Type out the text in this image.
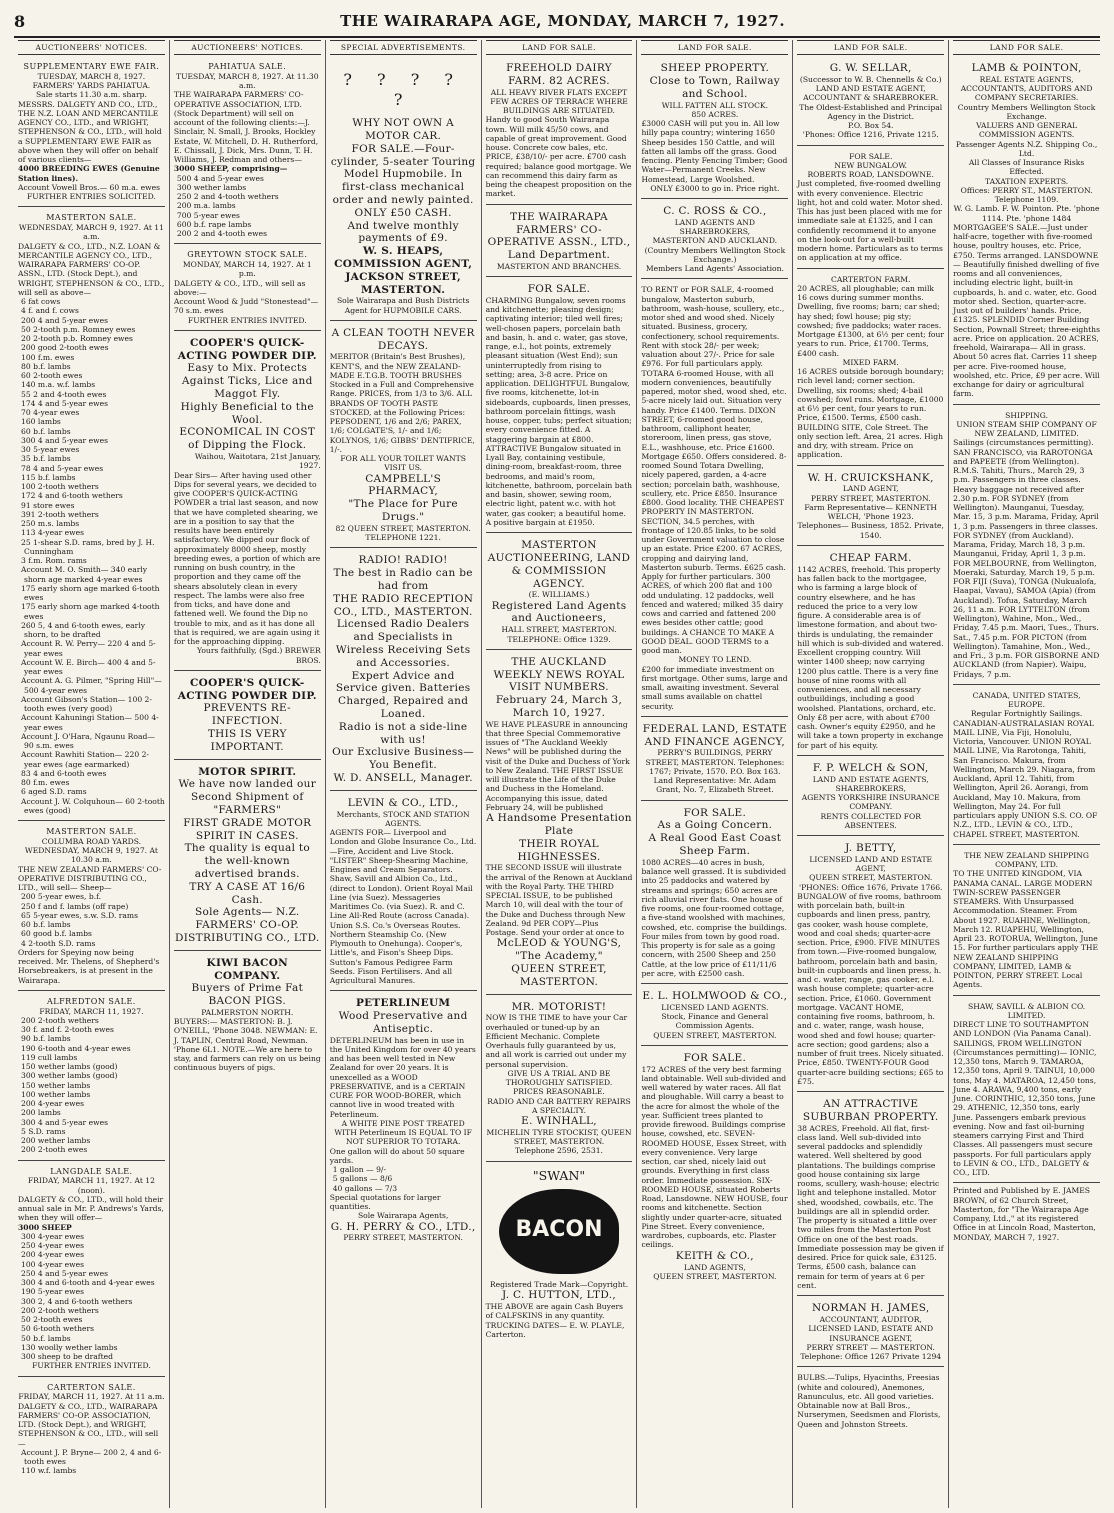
8	THE WAIRARAPA AGE, MONDAY, MARCH 7, 1927.
AUCTIONEERS' NOTICES.
SUPPLEMENTARY EWE FAIR.
TUESDAY, MARCH 8, 1927.
FARMERS' YARDS PAHIATUA.
Sale starts 11.30 a.m. sharp.
MESSRS. DALGETY AND CO., LTD., THE N.Z. LOAN AND MERCANTILE AGENCY CO., LTD., and WRIGHT, STEPHENSON & CO., LTD., will hold a SUPPLEMENTARY EWE FAIR as above when they will offer on behalf of various clients—
4000 BREEDING EWES (Genuine Station lines).
Account Vowell Bros.— 60 m.a. ewes
FURTHER ENTRIES SOLICITED.
MASTERTON SALE.
WEDNESDAY, MARCH 9, 1927. At 11 a.m.
DALGETY & CO., LTD., N.Z. LOAN & MERCANTILE AGENCY CO., LTD., WAIRARAPA FARMERS' CO-OP. ASSN., LTD. (Stock Dept.), and WRIGHT, STEPHENSON & CO., LTD., will sell as above—
6 fat cows
4 f. and f. cows
200 4 and 5-year ewes
50 2-tooth p.m. Romney ewes
20 2-tooth p.b. Romney ewes
200 good 2-tooth ewes
100 f.m. ewes
80 b.f. lambs
60 2-tooth ewes
140 m.a. w.f. lambs
55 2 and 4-tooth ewes
174 4 and 5-year ewes
70 4-year ewes
160 lambs
60 b.f. lambs
300 4 and 5-year ewes
30 5-year ewes
35 b.f. lambs
78 4 and 5-year ewes
115 b.f. lambs
100 2-tooth wethers
172 4 and 6-tooth wethers
91 store ewes
391 2-tooth wethers
250 m.s. lambs
113 4-year ewes
25 1-shear S.D. rams, bred by J. H. Cunningham
3 f.m. Rom. rams
Account M. O. Smith— 340 early shorn age marked 4-year ewes
175 early shorn age marked 6-tooth ewes
175 early shorn age marked 4-tooth ewes
260 5, 4 and 6-tooth ewes, early shorn, to be drafted
Account R. W. Perry— 220 4 and 5-year ewes
Account W. E. Birch— 400 4 and 5-year ewes
Account A. G. Pilmer, "Spring Hill"— 500 4-year ewes
Account Gibson's Station— 100 2-tooth ewes (very good)
Account Kahuningi Station— 500 4-year ewes
Account J. O'Hara, Ngaunu Road— 90 s.m. ewes
Account Rawhiti Station— 220 2-year ewes (age earmarked)
83 4 and 6-tooth ewes
80 f.m. ewes
6 aged S.D. rams
Account J. W. Colquhoun— 60 2-tooth ewes (good)
MASTERTON SALE.
COLUMBA ROAD YARDS.
WEDNESDAY, MARCH 9, 1927. At 10.30 a.m.
THE NEW ZEALAND FARMERS' CO-OPERATIVE DISTRIBUTING CO., LTD., will sell— Sheep—
200 5-year ewes, b.f.
250 f and f. lambs (off rape)
65 5-year ewes, s.w. S.D. rams
60 b.f. lambs
60 good b.f. lambs
4 2-tooth S.D. rams
Orders for Speying now being received. Mr. Thelens, of Shepherd's Horsebreakers, is at present in the Wairarapa.
ALFREDTON SALE.
FRIDAY, MARCH 11, 1927.
200 2-tooth wethers
30 f. and f. 2-tooth ewes
90 b.f. lambs
190 6-tooth and 4-year ewes
119 cull lambs
150 wether lambs (good)
300 wether lambs (good)
150 wether lambs
100 wether lambs
200 4-year ewes
200 lambs
300 4 and 5-year ewes
5 S.D. rams
200 wether lambs
200 2-tooth ewes
LANGDALE SALE.
FRIDAY, MARCH 11, 1927. At 12 (noon).
DALGETY & CO., LTD., will hold their annual sale in Mr. P. Andrews's Yards, when they will offer—
3000 SHEEP
300 4-year ewes
250 4-year ewes
200 4-year ewes
100 4-year ewes
250 4 and 5-year ewes
300 4 and 6-tooth and 4-year ewes
190 5-year ewes
300 2, 4 and 6-tooth wethers
200 2-tooth wethers
50 2-tooth ewes
50 6-tooth wethers
50 b.f. lambs
130 woolly wether lambs
300 sheep to be drafted
FURTHER ENTRIES INVITED.
CARTERTON SALE.
FRIDAY, MARCH 11, 1927. At 11 a.m.
DALGETY & CO., LTD., WAIRARAPA FARMERS' CO-OP. ASSOCIATION, LTD. (Stock Dept.), and WRIGHT, STEPHENSON & CO., LTD., will sell—
Account J. P. Bryne— 200 2, 4 and 6-tooth ewes
110 w.f. lambs
AUCTIONEERS' NOTICES.
PAHIATUA SALE.
TUESDAY, MARCH 8, 1927. At 11.30 a.m.
THE WAIRARAPA FARMERS' CO-OPERATIVE ASSOCIATION, LTD. (Stock Department) will sell on account of the following clients:—J. Sinclair, N. Small, J. Brooks, Hockley Estate, W. Mitchell, D. H. Rutherford, E. Chissall, J. Dick, Mrs. Dunn, T. H. Williams, J. Redman and others—
3000 SHEEP, comprising—
500 4 and 5-year ewes
300 wether lambs
250 2 and 4-tooth wethers
200 m.a. lambs
700 5-year ewes
600 b.f. rape lambs
200 2 and 4-tooth ewes
GREYTOWN STOCK SALE.
MONDAY, MARCH 14, 1927. At 1 p.m.
DALGETY & CO., LTD., will sell as above:—
Account Wood & Judd "Stonestead"— 70 s.m. ewes
FURTHER ENTRIES INVITED.
COOPER'S QUICK-ACTING POWDER DIP.
Easy to Mix. Protects Against Ticks, Lice and Maggot Fly.
Highly Beneficial to the Wool.
ECONOMICAL IN COST of Dipping the Flock.
Waihou, Waitotara, 21st January, 1927.
Dear Sirs— After having used other Dips for several years, we decided to give COOPER'S QUICK-ACTING POWDER a trial last season, and now that we have completed shearing, we are in a position to say that the results have been entirely satisfactory. We dipped our flock of approximately 8000 sheep, mostly breeding ewes, a portion of which are running on bush country, in the proportion and they came off the shears absolutely clean in every respect. The lambs were also free from ticks, and have done and fattened well. We found the Dip no trouble to mix, and as it has done all that is required, we are again using it for the approaching dipping.
Yours faithfully, (Sgd.) BREWER BROS.
COOPER'S QUICK-ACTING POWDER DIP.
PREVENTS RE-INFECTION.
THIS IS VERY IMPORTANT.
MOTOR SPIRIT.
We have now landed our Second Shipment of "FARMERS"
FIRST GRADE MOTOR SPIRIT IN CASES.
The quality is equal to the well-known advertised brands.
TRY A CASE AT 16/6 Cash.
Sole Agents— N.Z. FARMERS' CO-OP. DISTRIBUTING CO., LTD.
KIWI BACON COMPANY.
Buyers of Prime Fat BACON PIGS.
PALMERSTON NORTH.
BUYERS:— MASTERTON: B. J. O'NEILL, 'Phone 3048. NEWMAN: E. J. TAPLIN, Central Road, Newman. 'Phone 6L1. NOTE.—We are here to stay, and farmers can rely on us being continuous buyers of pigs.
SPECIAL ADVERTISEMENTS.
? ? ? ? ?
WHY NOT OWN A MOTOR CAR.
FOR SALE.—Four-cylinder, 5-seater Touring Model Hupmobile. In first-class mechanical order and newly painted.
ONLY £50 CASH.
And twelve monthly payments of £9.
W. S. HEAPS, COMMISSION AGENT, JACKSON STREET, MASTERTON.
Sole Wairarapa and Bush Districts Agent for HUPMOBILE CARS.
A CLEAN TOOTH NEVER DECAYS.
MERITOR (Britain's Best Brushes), KENT'S, and the NEW ZEALAND-MADE E.T.G.B. TOOTH BRUSHES Stocked in a Full and Comprehensive Range. PRICES, from 1/3 to 3/6. ALL BRANDS OF TOOTH PASTE STOCKED, at the Following Prices: PEPSODENT, 1/6 and 2/6; PAREX, 1/6; COLGATE'S, 1/- and 1/6; KOLYNOS, 1/6; GIBBS' DENTIFRICE, 1/-.
FOR ALL YOUR TOILET WANTS VISIT US.
CAMPBELL'S PHARMACY,
"The Place for Pure Drugs."
82 QUEEN STREET, MASTERTON. TELEPHONE 1221.
RADIO! RADIO!
The best in Radio can be had from
THE RADIO RECEPTION CO., LTD., MASTERTON.
Licensed Radio Dealers and Specialists in Wireless Receiving Sets and Accessories.
Expert Advice and Service given. Batteries Charged, Repaired and Loaned.
Radio is not a side-line with us!
Our Exclusive Business— You Benefit.
W. D. ANSELL, Manager.
LEVIN & CO., LTD.,
Merchants, STOCK AND STATION AGENTS.
AGENTS FOR— Liverpool and London and Globe Insurance Co., Ltd.—Fire, Accident and Live Stock. "LISTER" Sheep-Shearing Machine, Engines and Cream Separators. Shaw, Savill and Albion Co., Ltd., (direct to London). Orient Royal Mail Line (via Suez). Messageries Maritimes Co. (via Suez). R. and C. Line All-Red Route (across Canada). Union S.S. Co.'s Overseas Routes. Northern Steamship Co. (New Plymouth to Onehunga). Cooper's, Little's, and Fison's Sheep Dips. Sutton's Famous Pedigree Farm Seeds. Fison Fertilisers. And all Agricultural Manures.
PETERLINEUM
Wood Preservative and Antiseptic.
DETERLINEUM has been in use in the United Kingdom for over 40 years and has been well tested in New Zealand for over 20 years. It is unexcelled as a WOOD PRESERVATIVE, and is a CERTAIN CURE FOR WOOD-BORER, which cannot live in wood treated with Peterlineum.
A WHITE PINE POST TREATED WITH Peterlineum IS EQUAL TO IF NOT SUPERIOR TO TOTARA.
One gallon will do about 50 square yards.
1 gallon — 9/-
5 gallons — 8/6
40 gallons — 7/3
Special quotations for larger quantities.
Sole Wairarapa Agents,
G. H. PERRY & CO., LTD.,
PERRY STREET, MASTERTON.
LAND FOR SALE.
FREEHOLD DAIRY FARM. 82 ACRES.
ALL HEAVY RIVER FLATS EXCEPT FEW ACRES OF TERRACE WHERE BUILDINGS ARE SITUATED.
Handy to good South Wairarapa town. Will milk 45/50 cows, and capable of great improvement. Good house. Concrete cow bales, etc. PRICE, £38/10/- per acre. £700 cash required; balance good mortgage. We can recommend this dairy farm as being the cheapest proposition on the market.
THE WAIRARAPA FARMERS' CO-OPERATIVE ASSN., LTD.,
Land Department.
MASTERTON AND BRANCHES.
FOR SALE.
CHARMING Bungalow, seven rooms and kitchenette; pleasing design; captivating interior; tiled well fires; well-chosen papers, porcelain bath and basin, h. and c. water, gas stove, range, e.l., hot points, extremely pleasant situation (West End); sun uninterruptedly from rising to setting; area, 3-8 acre. Price on application. DELIGHTFUL Bungalow, five rooms, kitchenette, lot-in sideboards, cupboards, linen presses, bathroom porcelain fittings, wash house, copper, tubs; perfect situation; every convenience fitted. A staggering bargain at £800. ATTRACTIVE Bungalow situated in Lyall Bay, containing vestibule, dining-room, breakfast-room, three bedrooms, and maid's room, kitchenette, bathroom, porcelain bath and basin, shower, sewing room, electric light, patent w.c. with hot water, gas cooker; a beautiful home. A positive bargain at £1950.
MASTERTON AUCTIONEERING, LAND & COMMISSION AGENCY.
(E. WILLIAMS.)
Registered Land Agents and Auctioneers,
HALL STREET, MASTERTON. TELEPHONE: Office 1329.
THE AUCKLAND WEEKLY NEWS ROYAL VISIT NUMBERS.
February 24, March 3, March 10, 1927.
WE HAVE PLEASURE in announcing that three Special Commemorative issues of "The Auckland Weekly News" will be published during the visit of the Duke and Duchess of York to New Zealand. THE FIRST ISSUE will illustrate the Life of the Duke and Duchess in the Homeland. Accompanying this issue, dated February 24, will be published
A Handsome Presentation Plate
THEIR ROYAL HIGHNESSES.
THE SECOND ISSUE will illustrate the arrival of the Renown at Auckland with the Royal Party. THE THIRD SPECIAL ISSUE, to be published March 10, will deal with the tour of the Duke and Duchess through New Zealand. 9d PER COPY—Plus Postage. Send your order at once to
McLEOD & YOUNG'S,
"The Academy,"
QUEEN STREET, MASTERTON.
MR. MOTORIST!
NOW IS THE TIME to have your Car overhauled or tuned-up by an Efficient Mechanic. Complete Overhauls fully guaranteed by us, and all work is carried out under my personal supervision.
GIVE US A TRIAL AND BE THOROUGHLY SATISFIED.
PRICES REASONABLE.
RADIO AND CAR BATTERY REPAIRS A SPECIALTY.
E. WINHALL,
MICHELIN TYRE STOCKIST, QUEEN STREET, MASTERTON.
Telephone 2596, 2531.
"SWAN"
BACON
Registered Trade Mark—Copyright.
J. C. HUTTON, LTD.,
THE ABOVE are again Cash Buyers of CALFSKINS in any quantity. TRUCKING DATES— E. W. PLAYLE, Carterton.
LAND FOR SALE.
SHEEP PROPERTY.
Close to Town, Railway and School.
WILL FATTEN ALL STOCK.
850 ACRES.
£3000 CASH will put you in. All low hilly papa country; wintering 1650 Sheep besides 150 Cattle, and will fatten all lambs off the grass. Good fencing. Plenty Fencing Timber; Good Water—Permanent Creeks. New Homestead, Large Woolshed.
ONLY £3000 to go in. Price right.
C. C. ROSS & CO.,
LAND AGENTS AND SHAREBROKERS,
MASTERTON AND AUCKLAND.
(Country Members Wellington Stock Exchange.)
Members Land Agents' Association.
TO RENT or FOR SALE, 4-roomed bungalow, Masterton suburb, bathroom, wash-house, scullery, etc., motor shed and wood shed. Nicely situated. Business, grocery, confectionery, school requirements. Rent with stock 28/- per week; valuation about 27/-. Price for sale £976. For full particulars apply. TOTARA 6-roomed House, with all modern conveniences, beautifully papered, motor shed, wood shed, etc. 5-acre nicely laid out. Situation very handy. Price £1400. Terms. DIXON STREET, 6-roomed good house, bathroom, calliphont heater, storeroom, linen press, gas stove, E.L., washhouse, etc. Price £1600. Mortgage £650. Offers considered. 8-roomed Sound Totara Dwelling, nicely papered, garden, a 4-acre section; porcelain bath, washhouse, scullery, etc. Price £850. Insurance £800. Good locality. THE CHEAPEST PROPERTY IN MASTERTON. SECTION, 34.5 perches, with frontage of 120.85 links, to be sold under Government valuation to close up an estate. Price £200. 67 ACRES, cropping and dairying land, Masterton suburb. Terms. £625 cash. Apply for further particulars. 300 ACRES, of which 200 flat and 100 odd undulating. 12 paddocks, well fenced and watered; milked 35 dairy cows and carried and fattened 200 ewes besides other cattle; good buildings. A CHANCE TO MAKE A GOOD DEAL. GOOD TERMS to a good man.
MONEY TO LEND.
£200 for immediate investment on first mortgage. Other sums, large and small, awaiting investment. Several small sums available on chattel security.
FEDERAL LAND, ESTATE AND FINANCE AGENCY,
PERRY'S BUILDINGS, PERRY STREET, MASTERTON. Telephones: 1767; Private, 1570. P.O. Box 163.
Land Representative: Mr. Adam Grant, No. 7, Elizabeth Street.
FOR SALE.
As a Going Concern.
A Real Good East Coast Sheep Farm.
1080 ACRES—40 acres in bush, balance well grassed. It is subdivided into 25 paddocks and watered by streams and springs; 650 acres are rich alluvial river flats. One house of five rooms, one four-roomed cottage, a five-stand woolshed with machines, cowshed, etc. comprise the buildings. Four miles from town by good road. This property is for sale as a going concern, with 2500 Sheep and 250 Cattle, at the low price of £11/11/6 per acre, with £2500 cash.
E. L. HOLMWOOD & CO.,
LICENSED LAND AGENTS.
Stock, Finance and General Commission Agents.
QUEEN STREET, MASTERTON.
FOR SALE.
172 ACRES of the very best farming land obtainable. Well sub-divided and well watered by water races. All flat and ploughable. Will carry a beast to the acre for almost the whole of the year. Sufficient trees planted to provide firewood. Buildings comprise house, cowshed, etc. SEVEN-ROOMED HOUSE, Essex Street, with every convenience. Very large section, car shed, nicely laid out grounds. Everything in first class order. Immediate possession. SIX-ROOMED HOUSE, situated Roberts Road, Lansdowne. NEW HOUSE, four rooms and kitchenette. Section slightly under quarter-acre, situated Pine Street. Every convenience, wardrobes, cupboards, etc. Plaster ceilings.
KEITH & CO.,
LAND AGENTS,
QUEEN STREET, MASTERTON.
LAND FOR SALE.
G. W. SELLAR,
(Successor to W. B. Chennells & Co.)
LAND AND ESTATE AGENT,
ACCOUNTANT & SHAREBROKER.
The Oldest-Established and Principal Agency in the District.
P.O. Box 54.
'Phones: Office 1216, Private 1215.
FOR SALE.
NEW BUNGALOW.
ROBERTS ROAD, LANSDOWNE.
Just completed, five-roomed dwelling with every convenience. Electric light, hot and cold water. Motor shed. This has just been placed with me for immediate sale at £1325, and I can confidently recommend it to anyone on the look-out for a well-built modern home. Particulars as to terms on application at my office.
CARTERTON FARM.
20 ACRES, all ploughable; can milk 16 cows during summer months. Dwelling, five rooms; barn; car shed; hay shed; fowl house; pig sty; cowshed; five paddocks; water races. Mortgage £1300, at 6½ per cent; four years to run. Price, £1700. Terms, £400 cash.
MIXED FARM.
16 ACRES outside borough boundary; rich level land; corner section. Dwelling, six rooms; shed; 4-bail cowshed; fowl runs. Mortgage, £1000 at 6½ per cent, four years to run. Price, £1500. Terms, £500 cash. BUILDING SITE, Cole Street. The only section left. Area, 21 acres. High and dry, with stream. Price on application.
W. H. CRUICKSHANK,
LAND AGENT,
PERRY STREET, MASTERTON.
Farm Representative— KENNETH WELCH, 'Phone 1923.
Telephones— Business, 1852. Private, 1540.
CHEAP FARM.
1142 ACRES, freehold. This property has fallen back to the mortgagee, who is farming a large block of country elsewhere, and he has reduced the price to a very low figure. A considerable area is of limestone formation, and about two-thirds is undulating, the remainder hill which is sub-divided and watered. Excellent cropping country. Will winter 1400 sheep; now carrying 1200 plus cattle. There is a very fine house of nine rooms with all conveniences, and all necessary outbuildings, including a good woolshed. Plantations, orchard, etc. Only £8 per acre, with about £700 cash. Owner's equity £2950, and he will take a town property in exchange for part of his equity.
F. P. WELCH & SON,
LAND AND ESTATE AGENTS, SHAREBROKERS,
AGENTS YORKSHIRE INSURANCE COMPANY.
RENTS COLLECTED FOR ABSENTEES.
J. BETTY,
LICENSED LAND AND ESTATE AGENT,
QUEEN STREET, MASTERTON.
'PHONES: Office 1676, Private 1766.
BUNGALOW of five rooms, bathroom with porcelain bath, built-in cupboards and linen press, pantry, gas cooker, wash house complete, wood and coal sheds; quarter-acre section. Price, £900. FIVE MINUTES from town.—Five-roomed bungalow, bathroom, porcelain bath and basin, built-in cupboards and linen press, h. and c. water, range, gas cooker, e.l. wash house complete; quarter-acre section. Price, £1060. Government mortgage. VACANT HOME, containing five rooms, bathroom, h. and c. water, range, wash house, wood shed and fowl house; quarter-acre section; good gardens; also a number of fruit trees. Nicely situated. Price, £850. TWENTY-FOUR Good quarter-acre building sections; £65 to £75.
AN ATTRACTIVE SUBURBAN PROPERTY.
38 ACRES, Freehold. All flat, first-class land. Well sub-divided into several paddocks and splendidly watered. Well sheltered by good plantations. The buildings comprise good house containing six large rooms, scullery, wash-house; electric light and telephone installed. Motor shed, woodshed, cowbails, etc. The buildings are all in splendid order. The property is situated a little over two miles from the Masterton Post Office on one of the best roads. Immediate possession may be given if desired. Price for quick sale, £3125. Terms, £500 cash, balance can remain for term of years at 6 per cent.
NORMAN H. JAMES,
ACCOUNTANT, AUDITOR,
LICENSED LAND, ESTATE AND INSURANCE AGENT,
PERRY STREET — MASTERTON.
Telephone: Office 1267 Private 1294
BULBS.—Tulips, Hyacinths, Freesias (white and coloured), Anemones, Ranunculus, etc. All good varieties. Obtainable now at Ball Bros., Nurserymen, Seedsmen and Florists, Queen and Johnston Streets.
LAND FOR SALE.
LAMB & POINTON,
REAL ESTATE AGENTS, ACCOUNTANTS, AUDITORS AND COMPANY SECRETARIES.
Country Members Wellington Stock Exchange.
VALUERS AND GENERAL COMMISSION AGENTS.
Passenger Agents N.Z. Shipping Co., Ltd.
All Classes of Insurance Risks Effected.
TAXATION EXPERTS.
Offices: PERRY ST., MASTERTON. Telephone 1109.
W. G. Lamb. F. W. Pointon. Pte. 'phone 1114. Pte. 'phone 1484
MORTGAGEE'S SALE.—Just under half-acre, together with five-roomed house, poultry houses, etc. Price, £750. Terms arranged. LANSDOWNE— Beautifully finished dwelling of five rooms and all conveniences, including electric light, built-in cupboards, h. and c. water, etc. Good motor shed. Section, quarter-acre. Just out of builders' hands. Price, £1325. SPLENDID Corner Building Section, Pownall Street; three-eighths acre. Price on application. 20 ACRES, freehold, Wairarapa— All in grass. About 50 acres flat. Carries 11 sheep per acre. Five-roomed house, woolshed, etc. Price, £9 per acre. Will exchange for dairy or agricultural farm.
SHIPPING.
UNION STEAM SHIP COMPANY OF NEW ZEALAND, LIMITED.
Sailings (circumstances permitting). SAN FRANCISCO, via RAROTONGA and PAPEETE (from Wellington). R.M.S. Tahiti, Thurs., March 29, 3 p.m. Passengers in three classes. Heavy baggage not received after 2.30 p.m. FOR SYDNEY (from Wellington). Maunganui, Tuesday, Mar. 15, 3 p.m. Marama, Friday, April 1, 3 p.m. Passengers in three classes. FOR SYDNEY (from Auckland). Marama, Friday, March 18, 3 p.m. Maunganui, Friday, April 1, 3 p.m. FOR MELBOURNE, from Wellington, Moeraki, Saturday, March 19, 5 p.m. FOR FIJI (Suva), TONGA (Nukualofa, Haapai, Vavau), SAMOA (Apia) (from Auckland). Tofua, Saturday, March 26, 11 a.m. FOR LYTTELTON (from Wellington), Wahine, Mon., Wed., Friday, 7.45 p.m. Maori, Tues., Thurs. Sat., 7.45 p.m. FOR PICTON (from Wellington). Tamahine, Mon., Wed., and Fri., 3 p.m. FOR GISBORNE AND AUCKLAND (from Napier). Waipu, Fridays, 7 p.m.
CANADA, UNITED STATES, EUROPE.
Regular Fortnightly Sailings.
CANADIAN-AUSTRALASIAN ROYAL MAIL LINE, Via Fiji, Honolulu, Victoria, Vancouver. UNION ROYAL MAIL LINE, Via Rarotonga, Tahiti, San Francisco. Makura, from Wellington, March 29. Niagara, from Auckland, April 12. Tahiti, from Wellington, April 26. Aorangi, from Auckland, May 10. Makura, from Wellington, May 24. For full particulars apply UNION S.S. CO. OF N.Z., LTD., LEVIN & CO., LTD., CHAPEL STREET, MASTERTON.
THE NEW ZEALAND SHIPPING COMPANY, LTD.
TO THE UNITED KINGDOM, VIA PANAMA CANAL. LARGE MODERN TWIN-SCREW PASSENGER STEAMERS. With Unsurpassed Accommodation. Steamer. From About 1927. RUAHINE, Wellington, March 12. RUAPEHU, Wellington, April 23. ROTORUA, Wellington, June 15. For further particulars apply THE NEW ZEALAND SHIPPING COMPANY, LIMITED, LAMB & POINTON, PERRY STREET. Local Agents.
SHAW, SAVILL & ALBION CO. LIMITED.
DIRECT LINE TO SOUTHAMPTON AND LONDON (Via Panama Canal). SAILINGS, FROM WELLINGTON (Circumstances permitting)— IONIC, 12,350 tons, March 9. TAMAROA, 12,350 tons, April 9. TAINUI, 10,000 tons, May 4. MATAROA, 12,450 tons, June 4. ARAWA, 9,400 tons, early June. CORINTHIC, 12,350 tons, June 29. ATHENIC, 12,350 tons, early June. Passengers embark previous evening. Now and fast oil-burning steamers carrying First and Third Classes. All passengers must secure passports. For full particulars apply to LEVIN & CO., LTD., DALGETY & CO., LTD.
Printed and Published by E. JAMES BROWN, of 62 Church Street, Masterton, for "The Wairarapa Age Company, Ltd.," at its registered Office in at Lincoln Road, Masterton, MONDAY, MARCH 7, 1927.
